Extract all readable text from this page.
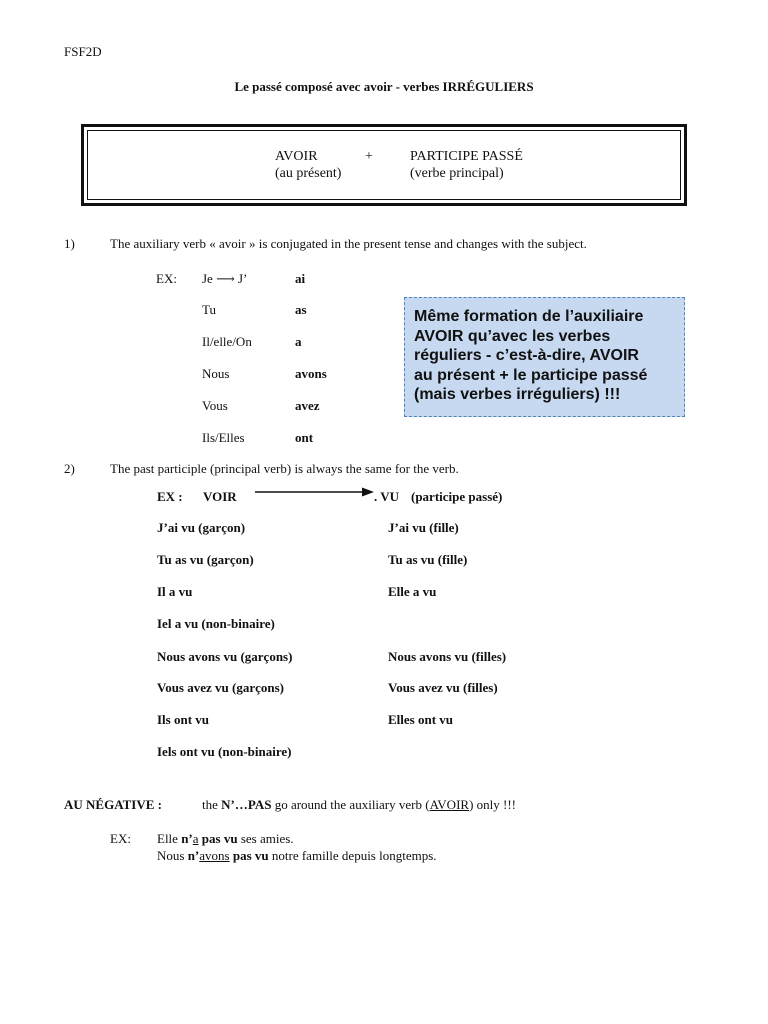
FSF2D
Le passé composé avec avoir - verbes IRRÉGULIERS
AVOIR	+	PARTICIPE PASSÉ
(au présent)	(verbe principal)
1)	The auxiliary verb « avoir » is conjugated in the present tense and changes with the subject.
EX: Je ⟶ J’	ai
Tu	as
Il/elle/On	a
Nous	avons
Vous	avez
Ils/Elles	ont
Même formation de l’auxiliaire
AVOIR qu’avec les verbes
réguliers - c’est-à-dire, AVOIR
au présent + le participe passé
(mais verbes irréguliers) !!!
2)	The past participle (principal verb) is always the same for the verb.
EX : VOIR	. VU (participe passé)
J’ai vu (garçon)	J’ai vu (fille)
Tu as vu (garçon)	Tu as vu (fille)
Il a vu	Elle a vu
Iel a vu (non-binaire)
Nous avons vu (garçons)	Nous avons vu (filles)
Vous avez vu (garçons)	Vous avez vu (filles)
Ils ont vu	Elles ont vu
Iels ont vu (non-binaire)
AU NÉGATIVE :	the N’…PAS go around the auxiliary verb (AVOIR) only !!!
EX: Elle n’a pas vu ses amies.
Nous n’avons pas vu notre famille depuis longtemps.
